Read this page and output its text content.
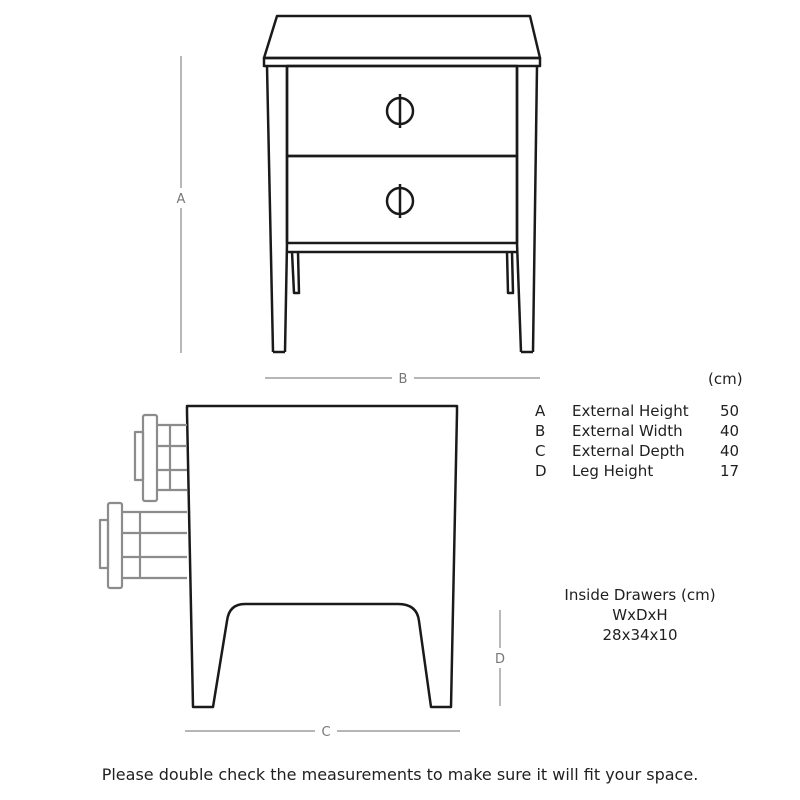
A
B
C
D
(cm)
A	External Height	50
B	External Width	40
C	External Depth	40
D	Leg Height	17
Inside Drawers (cm)
WxDxH
28x34x10
Please double check the measurements to make sure it will fit your space.
